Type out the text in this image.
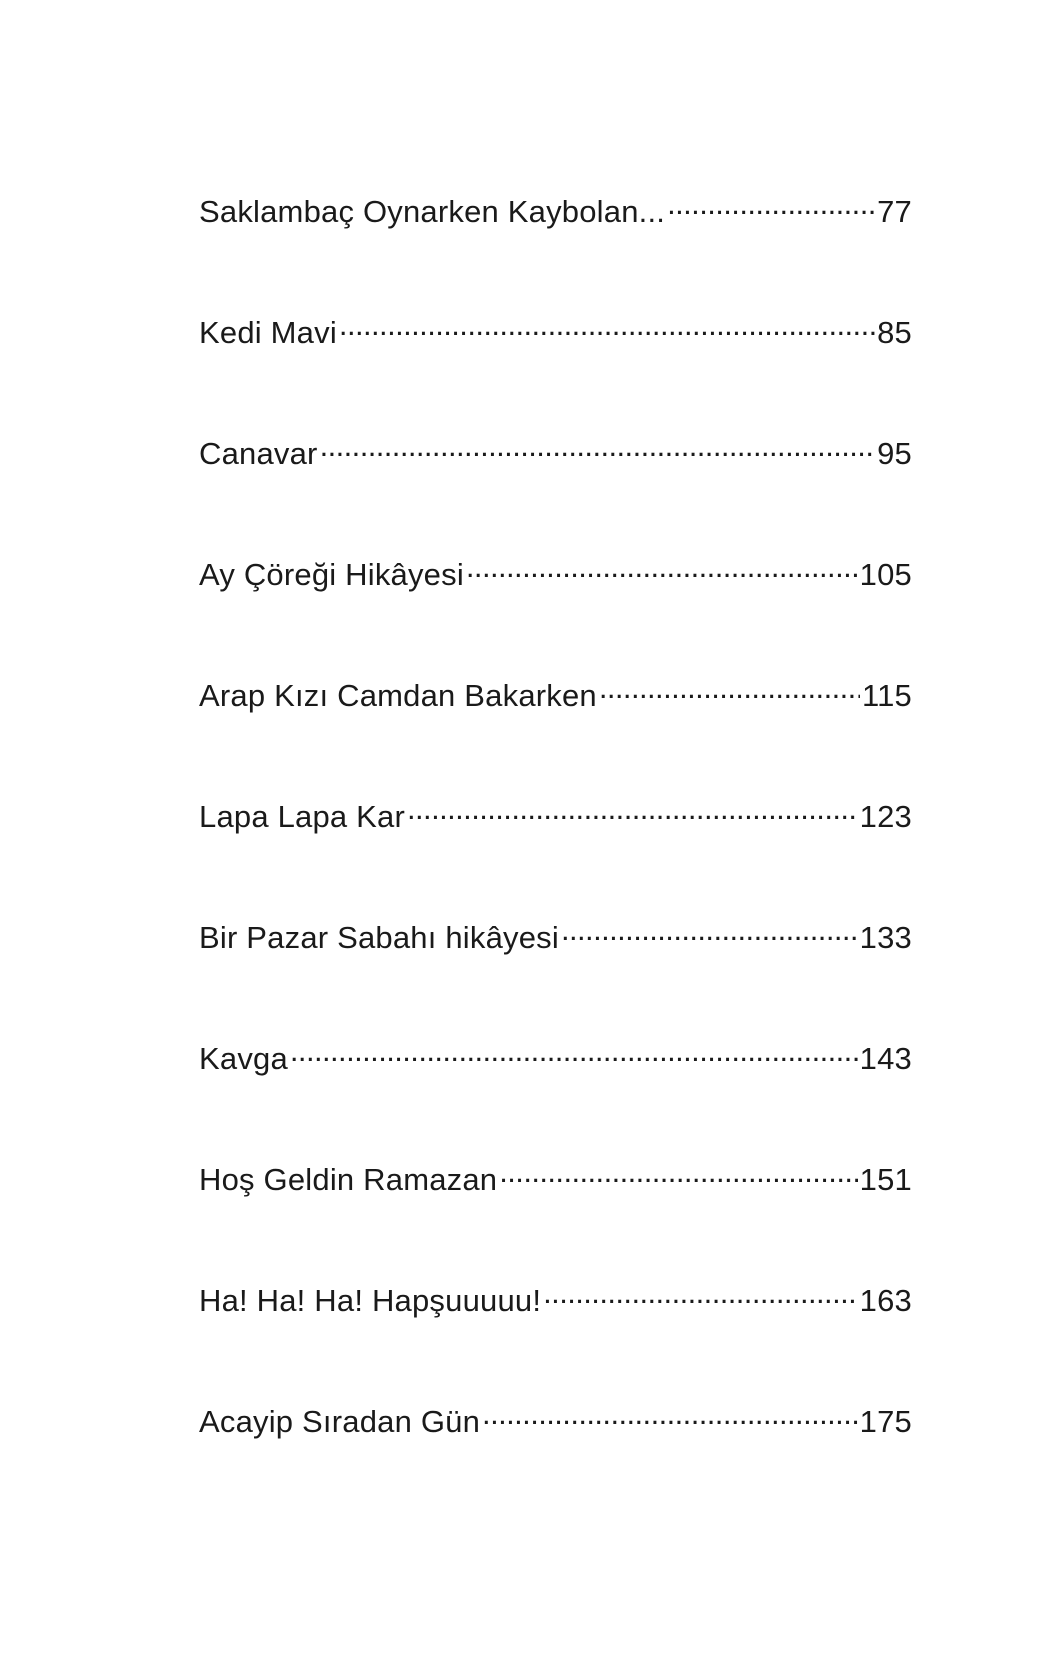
Saklambaç Oynarken Kaybolan... . . .	77
Kedi Mavi . . .	85
Canavar . . .	95
Ay Çöreği Hikâyesi . . .	105
Arap Kızı Camdan Bakarken . . .	115
Lapa Lapa Kar . . .	123
Bir Pazar Sabahı hikâyesi . . .	133
Kavga . . .	143
Hoş Geldin Ramazan . . .	151
Ha! Ha! Ha! Hapşuuuuu! . . .	163
Acayip Sıradan Gün . . .	175
